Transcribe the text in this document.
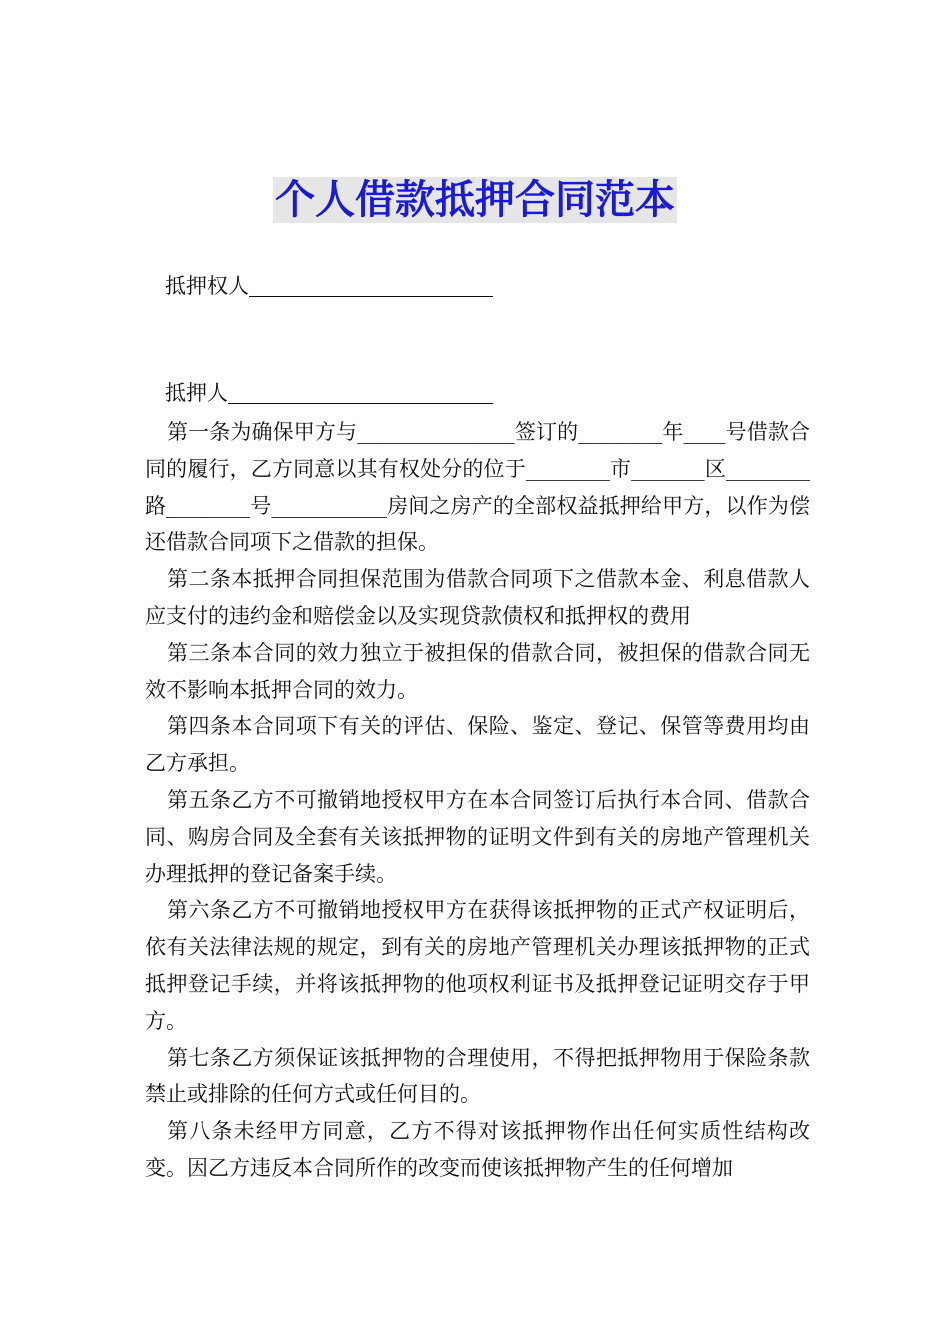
个人借款抵押合同范本
抵押权人
抵押人

第一条为确保甲方与_______________签订的________年____号借款合同的履行，乙方同意以其有权处分的位于________市_______区________路________号___________房间之房产的全部权益抵押给甲方，以作为偿还借款合同项下之借款的担保。

第二条本抵押合同担保范围为借款合同项下之借款本金、利息借款人应支付的违约金和赔偿金以及实现贷款债权和抵押权的费用

第三条本合同的效力独立于被担保的借款合同，被担保的借款合同无效不影响本抵押合同的效力。

第四条本合同项下有关的评估、保险、鉴定、登记、保管等费用均由乙方承担。

第五条乙方不可撤销地授权甲方在本合同签订后执行本合同、借款合同、购房合同及全套有关该抵押物的证明文件到有关的房地产管理机关办理抵押的登记备案手续。

第六条乙方不可撤销地授权甲方在获得该抵押物的正式产权证明后，依有关法律法规的规定，到有关的房地产管理机关办理该抵押物的正式抵押登记手续，并将该抵押物的他项权利证书及抵押登记证明交存于甲方。

第七条乙方须保证该抵押物的合理使用，不得把抵押物用于保险条款禁止或排除的任何方式或任何目的。

第八条未经甲方同意，乙方不得对该抵押物作出任何实质性结构改变。因乙方违反本合同所作的改变而使该抵押物产生的任何增加
